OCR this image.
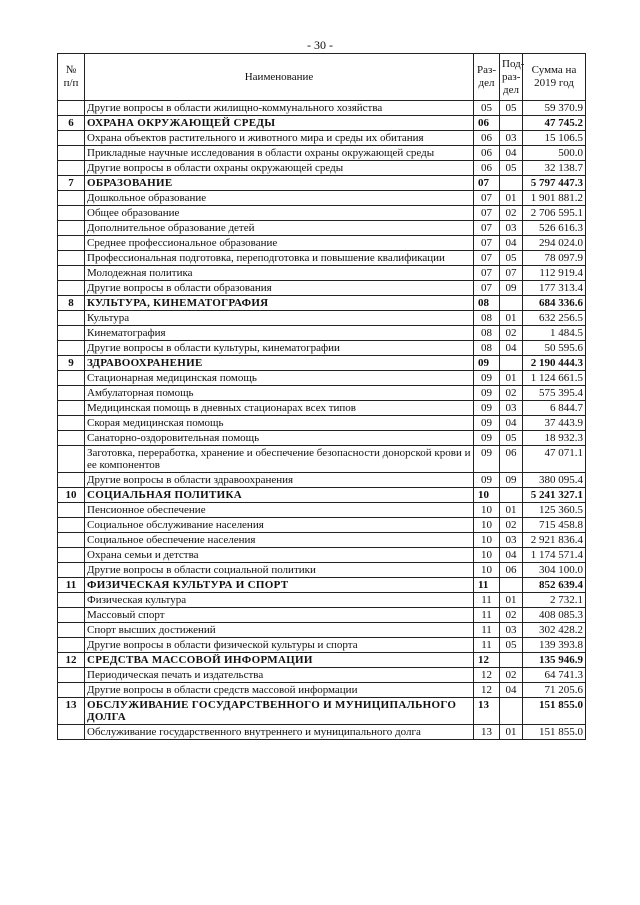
- 30 -
№ п/п	Наименование	Раз-дел	Под-раз-дел	Сумма на 2019 год
	Другие вопросы в области жилищно-коммунального хозяйства	05	05	59 370.9
6	ОХРАНА ОКРУЖАЮЩЕЙ СРЕДЫ	06		47 745.2
	Охрана объектов растительного и животного мира и среды их обитания	06	03	15 106.5
	Прикладные научные исследования в области охраны окружающей среды	06	04	500.0
	Другие вопросы в области охраны окружающей среды	06	05	32 138.7
7	ОБРАЗОВАНИЕ	07		5 797 447.3
	Дошкольное образование	07	01	1 901 881.2
	Общее образование	07	02	2 706 595.1
	Дополнительное образование детей	07	03	526 616.3
	Среднее профессиональное образование	07	04	294 024.0
	Профессиональная подготовка, переподготовка и повышение квалификации	07	05	78 097.9
	Молодежная политика	07	07	112 919.4
	Другие вопросы в области образования	07	09	177 313.4
8	КУЛЬТУРА, КИНЕМАТОГРАФИЯ	08		684 336.6
	Культура	08	01	632 256.5
	Кинематография	08	02	1 484.5
	Другие вопросы в области культуры, кинематографии	08	04	50 595.6
9	ЗДРАВООХРАНЕНИЕ	09		2 190 444.3
	Стационарная медицинская помощь	09	01	1 124 661.5
	Амбулаторная помощь	09	02	575 395.4
	Медицинская помощь в дневных стационарах всех типов	09	03	6 844.7
	Скорая медицинская помощь	09	04	37 443.9
	Санаторно-оздоровительная помощь	09	05	18 932.3
	Заготовка, переработка, хранение и обеспечение безопасности донорской крови и ее компонентов	09	06	47 071.1
	Другие вопросы в области здравоохранения	09	09	380 095.4
10	СОЦИАЛЬНАЯ ПОЛИТИКА	10		5 241 327.1
	Пенсионное обеспечение	10	01	125 360.5
	Социальное обслуживание населения	10	02	715 458.8
	Социальное обеспечение населения	10	03	2 921 836.4
	Охрана семьи и детства	10	04	1 174 571.4
	Другие вопросы в области социальной политики	10	06	304 100.0
11	ФИЗИЧЕСКАЯ КУЛЬТУРА И СПОРТ	11		852 639.4
	Физическая культура	11	01	2 732.1
	Массовый спорт	11	02	408 085.3
	Спорт высших достижений	11	03	302 428.2
	Другие вопросы в области физической культуры и спорта	11	05	139 393.8
12	СРЕДСТВА МАССОВОЙ ИНФОРМАЦИИ	12		135 946.9
	Периодическая печать и издательства	12	02	64 741.3
	Другие вопросы в области средств массовой информации	12	04	71 205.6
13	ОБСЛУЖИВАНИЕ ГОСУДАРСТВЕННОГО И МУНИЦИПАЛЬНОГО ДОЛГА	13		151 855.0
	Обслуживание государственного внутреннего и муниципального долга	13	01	151 855.0
